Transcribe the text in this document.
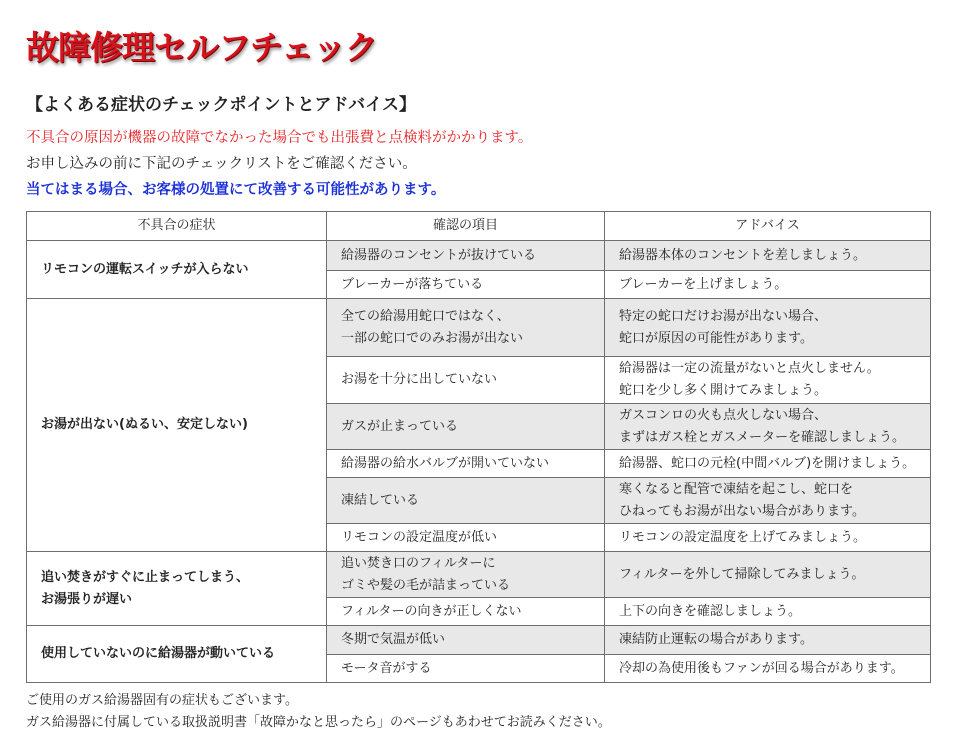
故障修理セルフチェック
【よくある症状のチェックポイントとアドバイス】
不具合の原因が機器の故障でなかった場合でも出張費と点検料がかかります。
お申し込みの前に下記のチェックリストをご確認ください。
当てはまる場合、お客様の処置にて改善する可能性があります。
不具合の症状	確認の項目	アドバイス
リモコンの運転スイッチが入らない	給湯器のコンセントが抜けている	給湯器本体のコンセントを差しましょう。
	ブレーカーが落ちている	ブレーカーを上げましょう。
お湯が出ない(ぬるい、安定しない)	全ての給湯用蛇口ではなく、
一部の蛇口でのみお湯が出ない	特定の蛇口だけお湯が出ない場合、
蛇口が原因の可能性があります。
	お湯を十分に出していない	給湯器は一定の流量がないと点火しません。
蛇口を少し多く開けてみましょう。
	ガスが止まっている	ガスコンロの火も点火しない場合、
まずはガス栓とガスメーターを確認しましょう。
	給湯器の給水バルブが開いていない	給湯器、蛇口の元栓(中間バルブ)を開けましょう。
	凍結している	寒くなると配管で凍結を起こし、蛇口を
ひねってもお湯が出ない場合があります。
	リモコンの設定温度が低い	リモコンの設定温度を上げてみましょう。
追い焚きがすぐに止まってしまう、
お湯張りが遅い	追い焚き口のフィルターに
ゴミや髪の毛が詰まっている	フィルターを外して掃除してみましょう。
	フィルターの向きが正しくない	上下の向きを確認しましょう。
使用していないのに給湯器が動いている	冬期で気温が低い	凍結防止運転の場合があります。
	モータ音がする	冷却の為使用後もファンが回る場合があります。
ご使用のガス給湯器固有の症状もございます。
ガス給湯器に付属している取扱説明書「故障かなと思ったら」のページもあわせてお読みください。
